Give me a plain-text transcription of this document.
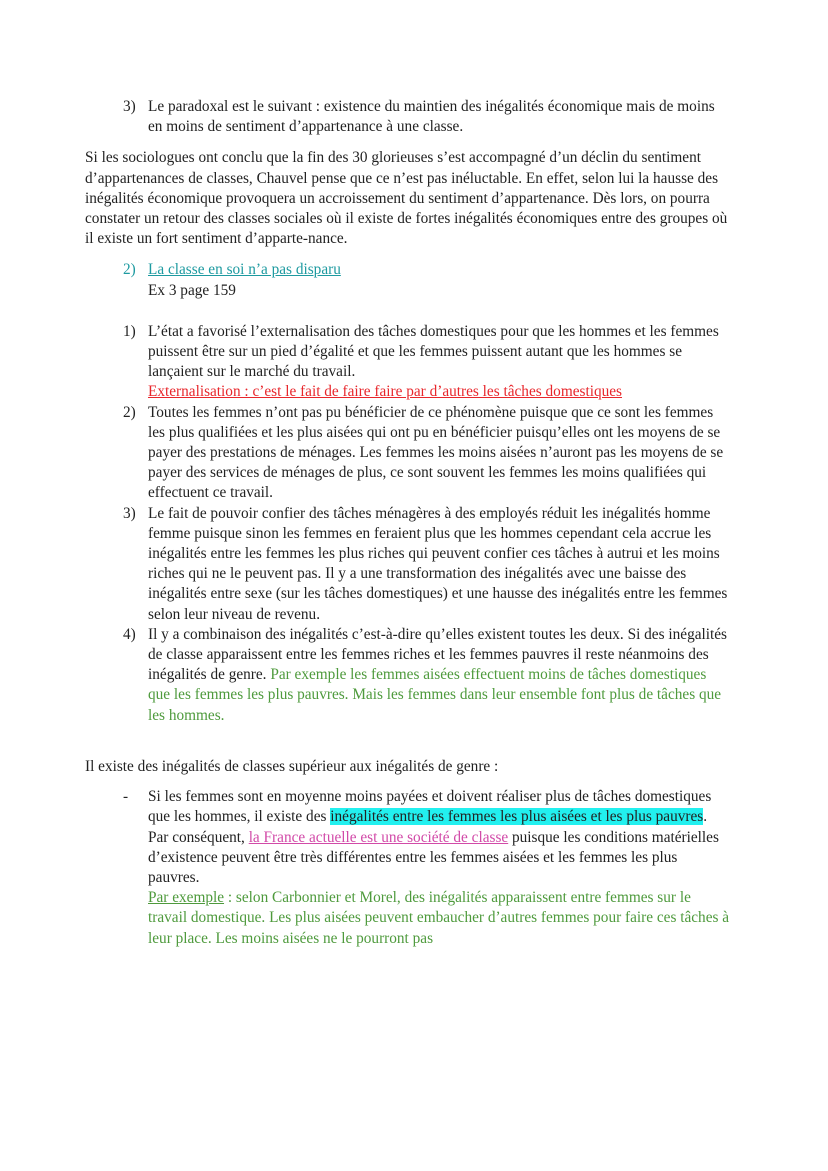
3) Le paradoxal est le suivant : existence du maintien des inégalités économique mais de moins en moins de sentiment d’appartenance à une classe.
Si les sociologues ont conclu que la fin des 30 glorieuses s’est accompagné d’un déclin du sentiment d’appartenances de classes, Chauvel pense que ce n’est pas inéluctable. En effet, selon lui la hausse des inégalités économique provoquera un accroissement du sentiment d’appartenance. Dès lors, on pourra constater un retour des classes sociales où il existe de fortes inégalités économiques entre des groupes où il existe un fort sentiment d’apparte-nance.
2) La classe en soi n’a pas disparu
Ex 3 page 159
1) L’état a favorisé l’externalisation des tâches domestiques pour que les hommes et les femmes puissent être sur un pied d’égalité et que les femmes puissent autant que les hommes se lançaient sur le marché du travail.
Externalisation : c’est le fait de faire faire par d’autres les tâches domestiques
2) Toutes les femmes n’ont pas pu bénéficier de ce phénomène puisque que ce sont les femmes les plus qualifiées et les plus aisées qui ont pu en bénéficier puisqu’elles ont les moyens de se payer des prestations de ménages. Les femmes les moins aisées n’auront pas les moyens de se payer des services de ménages de plus, ce sont souvent les femmes les moins qualifiées qui effectuent ce travail.
3) Le fait de pouvoir confier des tâches ménagères à des employés réduit les inégalités homme femme puisque sinon les femmes en feraient plus que les hommes cependant cela accrue les inégalités entre les femmes les plus riches qui peuvent confier ces tâches à autrui et les moins riches qui ne le peuvent pas. Il y a une transformation des inégalités avec une baisse des inégalités entre sexe (sur les tâches domestiques) et une hausse des inégalités entre les femmes selon leur niveau de revenu.
4) Il y a combinaison des inégalités c’est-à-dire qu’elles existent toutes les deux. Si des inégalités de classe apparaissent entre les femmes riches et les femmes pauvres il reste néanmoins des inégalités de genre. Par exemple les femmes aisées effectuent moins de tâches domestiques que les femmes les plus pauvres. Mais les femmes dans leur ensemble font plus de tâches que les hommes.
Il existe des inégalités de classes supérieur aux inégalités de genre :
- Si les femmes sont en moyenne moins payées et doivent réaliser plus de tâches domestiques que les hommes, il existe des inégalités entre les femmes les plus aisées et les plus pauvres. Par conséquent, la France actuelle est une société de classe puisque les conditions matérielles d’existence peuvent être très différentes entre les femmes aisées et les femmes les plus pauvres.
Par exemple : selon Carbonnier et Morel, des inégalités apparaissent entre femmes sur le travail domestique. Les plus aisées peuvent embaucher d’autres femmes pour faire ces tâches à leur place. Les moins aisées ne le pourront pas
